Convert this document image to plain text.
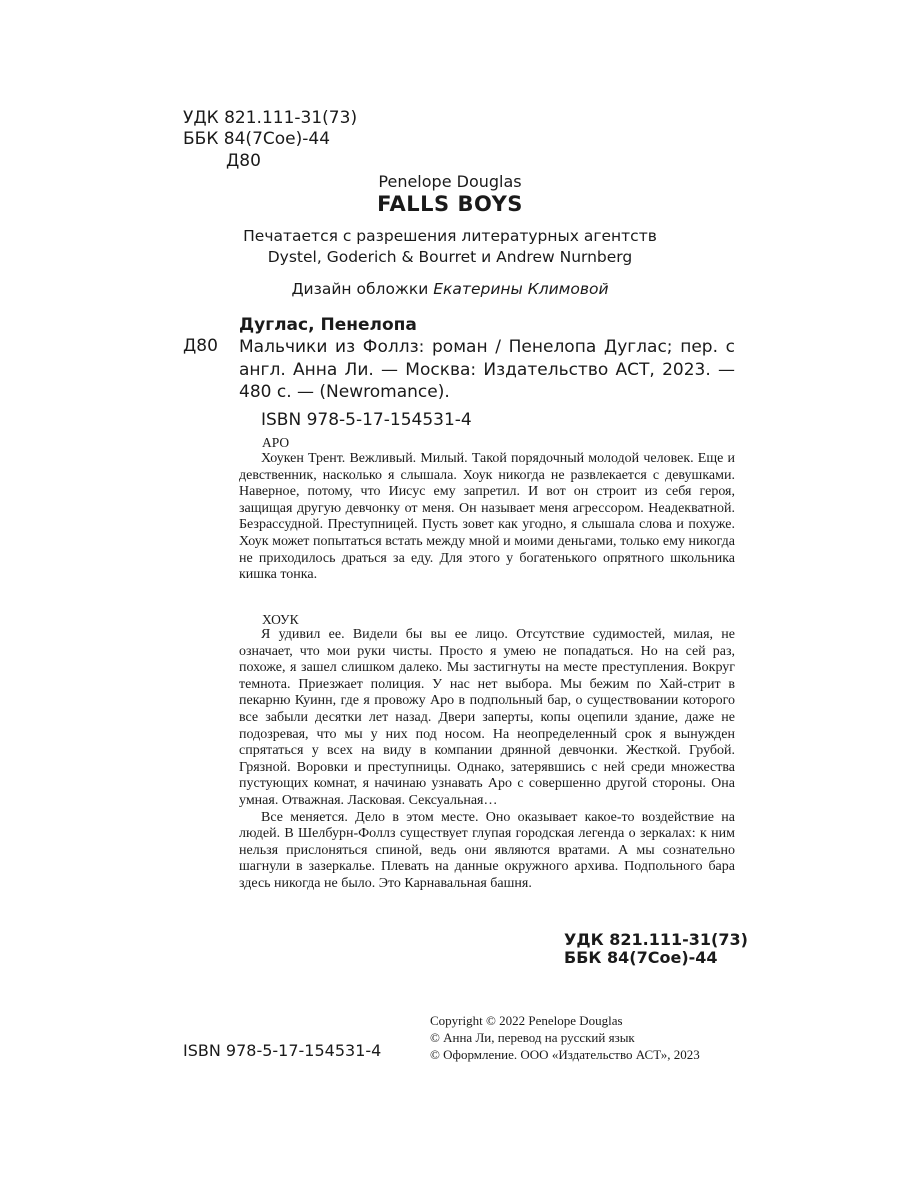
УДК 821.111-31(73)
ББК 84(7Сое)-44
Д80
Penelope Douglas
FALLS BOYS
Печатается с разрешения литературных агентств
Dystel, Goderich & Bourret и Andrew Nurnberg
Дизайн обложки Екатерины Климовой
Дуглас, Пенелопа
Д80 Мальчики из Фоллз: роман / Пенелопа Дуглас; пер. с англ. Анна Ли. — Москва: Издательство АСТ, 2023. — 480 с. — (Newromance).
ISBN 978-5-17-154531-4
АРО

Хоукен Трент. Вежливый. Милый. Такой порядочный молодой человек. Еще и девственник, насколько я слышала. Хоук никогда не развлекается с девушками. Наверное, потому, что Иисус ему запретил. И вот он строит из себя героя, защищая другую девчонку от меня. Он называет меня агрессором. Неадекватной. Безрассудной. Преступницей. Пусть зовет как угодно, я слышала слова и похуже. Хоук может попытаться встать между мной и моими деньгами, только ему никогда не приходилось драться за еду. Для этого у богатенького опрятного школьника кишка тонка.

ХОУК

Я удивил ее. Видели бы вы ее лицо. Отсутствие судимостей, милая, не означает, что мои руки чисты. Просто я умею не попадаться. Но на сей раз, похоже, я зашел слишком далеко. Мы застигнуты на месте преступления. Вокруг темнота. Приезжает полиция. У нас нет выбора. Мы бежим по Хай-стрит в пекарню Куинн, где я провожу Аро в подпольный бар, о существовании которого все забыли десятки лет назад. Двери заперты, копы оцепили здание, даже не подозревая, что мы у них под носом. На неопределенный срок я вынужден спрятаться у всех на виду в компании дрянной девчонки. Жесткой. Грубой. Грязной. Воровки и преступницы. Однако, затерявшись с ней среди множества пустующих комнат, я начинаю узнавать Аро с совершенно другой стороны. Она умная. Отважная. Ласковая. Сексуальная…

Все меняется. Дело в этом месте. Оно оказывает какое-то воздействие на людей. В Шелбурн-Фоллз существует глупая городская легенда о зеркалах: к ним нельзя прислоняться спиной, ведь они являются вратами. А мы сознательно шагнули в зазеркалье. Плевать на данные окружного архива. Подпольного бара здесь никогда не было. Это Карнавальная башня.

УДК 821.111-31(73)
ББК 84(7Сое)-44
Copyright © 2022 Penelope Douglas
© Анна Ли, перевод на русский язык
© Оформление. ООО «Издательство АСТ», 2023
ISBN 978-5-17-154531-4
